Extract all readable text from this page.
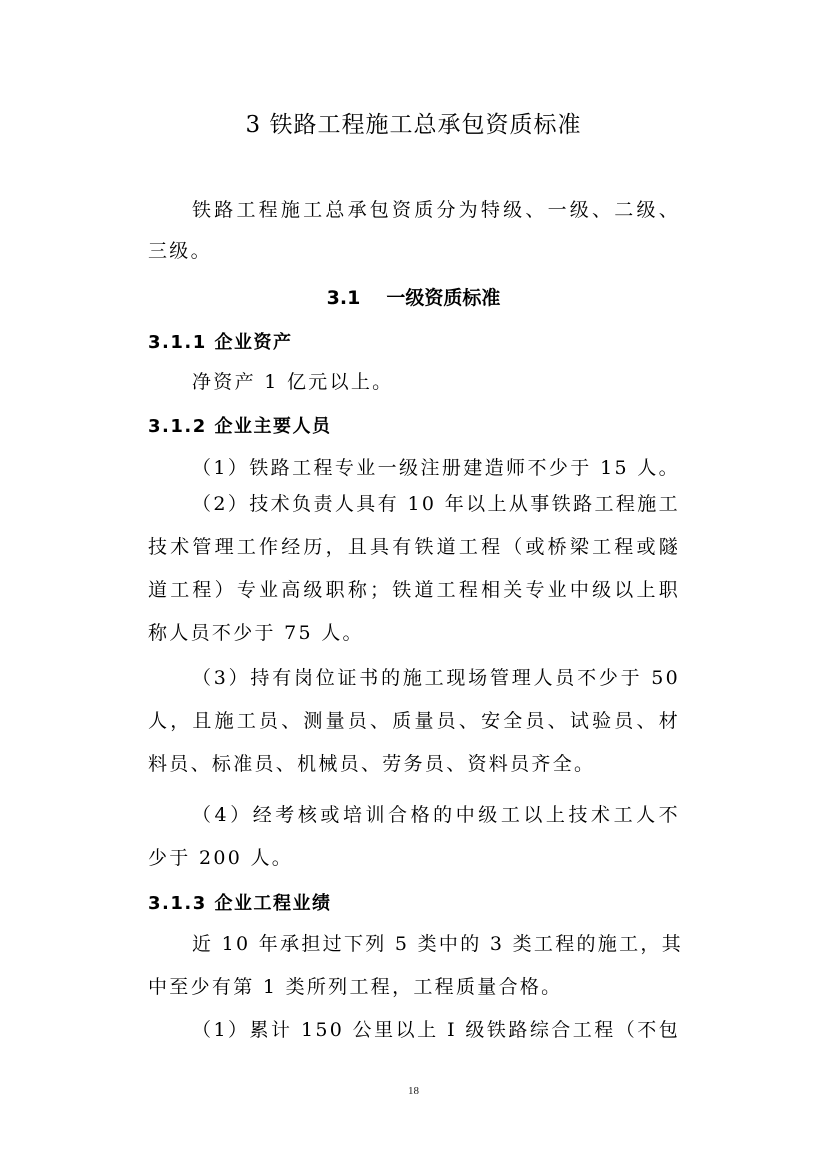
3 铁路工程施工总承包资质标准
铁路工程施工总承包资质分为特级、一级、二级、
三级。
3.1 一级资质标准
3.1.1 企业资产
净资产 1 亿元以上。
3.1.2 企业主要人员
（1）铁路工程专业一级注册建造师不少于 15 人。
（2）技术负责人具有 10 年以上从事铁路工程施工
技术管理工作经历，且具有铁道工程（或桥梁工程或隧
道工程）专业高级职称；铁道工程相关专业中级以上职
称人员不少于 75 人。
（3）持有岗位证书的施工现场管理人员不少于 50
人，且施工员、测量员、质量员、安全员、试验员、材
料员、标准员、机械员、劳务员、资料员齐全。
（4）经考核或培训合格的中级工以上技术工人不
少于 200 人。
3.1.3 企业工程业绩
近 10 年承担过下列 5 类中的 3 类工程的施工，其
中至少有第 1 类所列工程，工程质量合格。
（1）累计 150 公里以上 I 级铁路综合工程（不包
18
